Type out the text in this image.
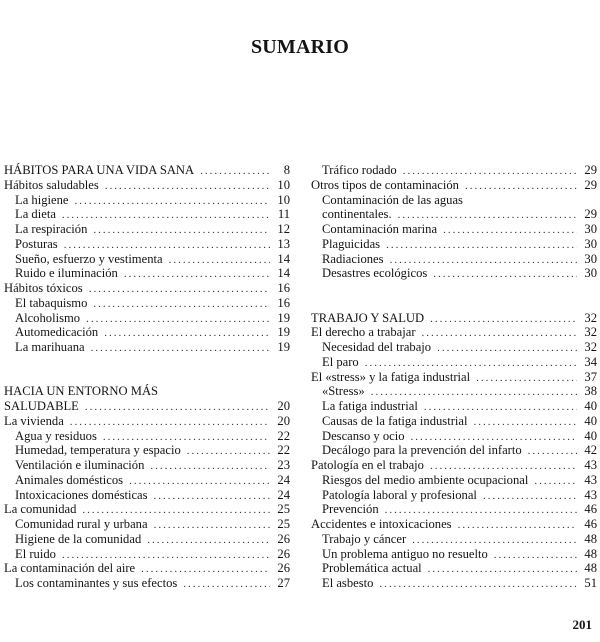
SUMARIO
HÁBITOS PARA UNA VIDA SANA .....	8
Hábitos saludables .....	10
La higiene .....	10
La dieta .....	11
La respiración .....	12
Posturas .....	13
Sueño, esfuerzo y vestimenta .....	14
Ruido e iluminación .....	14
Hábitos tóxicos .....	16
El tabaquismo .....	16
Alcoholismo .....	19
Automedicación .....	19
La marihuana .....	19
HACIA UN ENTORNO MÁS
SALUDABLE .....	20
La vivienda .....	20
Agua y residuos .....	22
Humedad, temperatura y espacio .....	22
Ventilación e iluminación .....	23
Animales domésticos .....	24
Intoxicaciones domésticas .....	24
La comunidad .....	25
Comunidad rural y urbana .....	25
Higiene de la comunidad .....	26
El ruido .....	26
La contaminación del aire .....	26
Los contaminantes y sus efectos .....	27
Tráfico rodado .....	29
Otros tipos de contaminación .....	29
Contaminación de las aguas
continentales. .....	29
Contaminación marina .....	30
Plaguicidas .....	30
Radiaciones .....	30
Desastres ecológicos .....	30
TRABAJO Y SALUD .....	32
El derecho a trabajar .....	32
Necesidad del trabajo .....	32
El paro .....	34
El «stress» y la fatiga industrial .....	37
«Stress» .....	38
La fatiga industrial .....	40
Causas de la fatiga industrial .....	40
Descanso y ocio .....	40
Decálogo para la prevención del infarto .....	42
Patología en el trabajo .....	43
Riesgos del medio ambiente ocupacional .....	43
Patología laboral y profesional .....	43
Prevención .....	46
Accidentes e intoxicaciones .....	46
Trabajo y cáncer .....	48
Un problema antiguo no resuelto .....	48
Problemática actual .....	48
El asbesto .....	51
201
